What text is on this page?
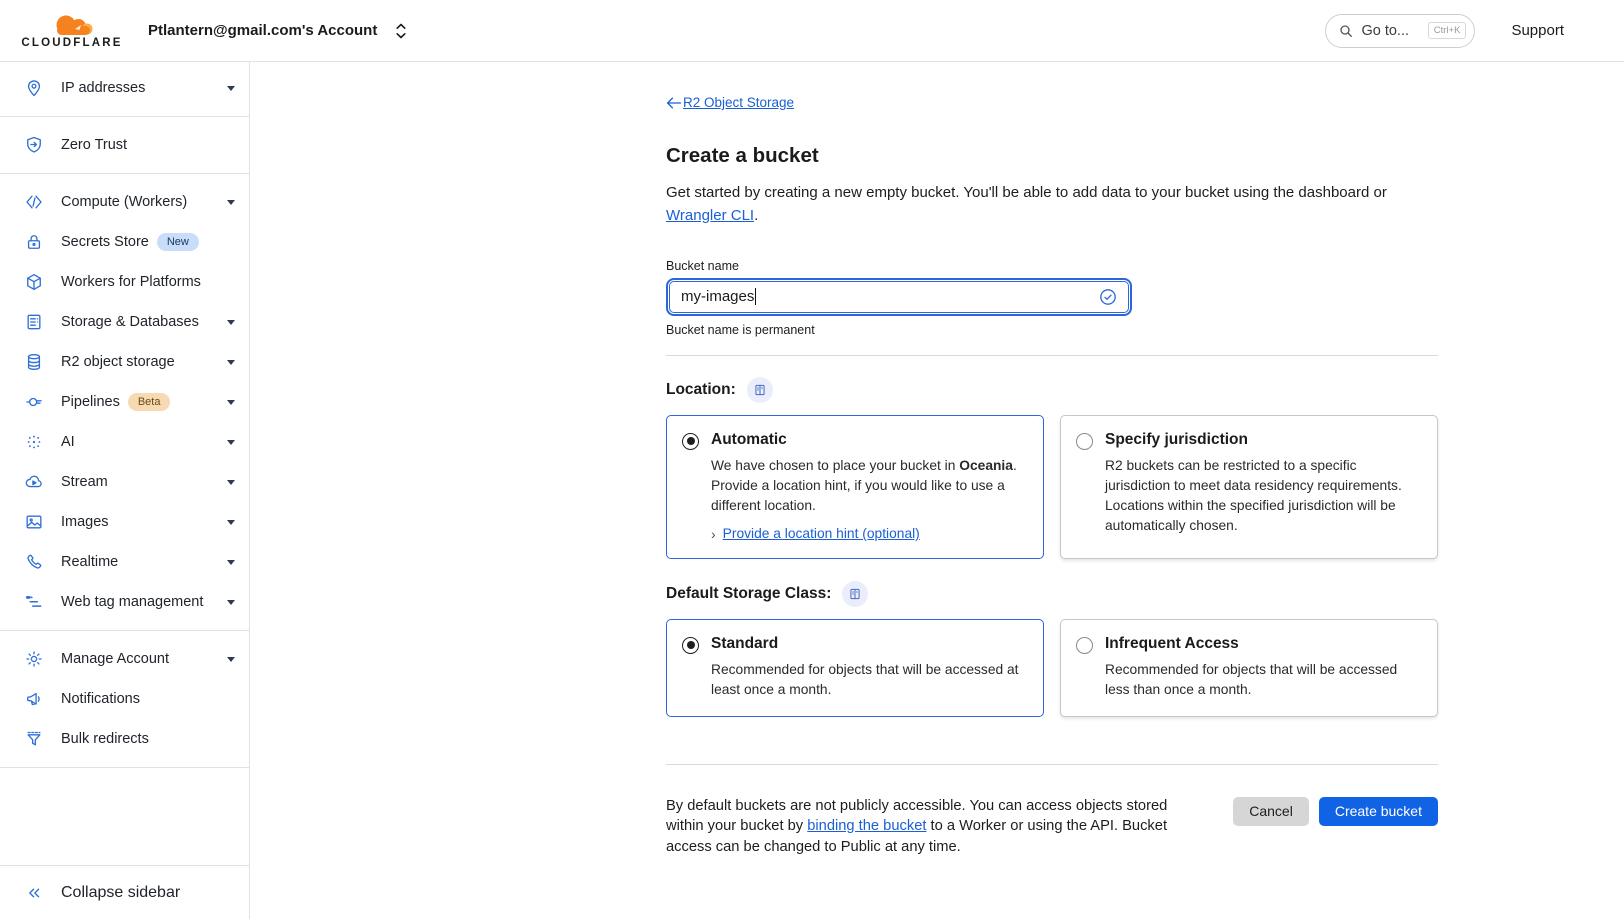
CLOUDFLARE
Ptlantern@gmail.com's Account	Go to...	Ctrl+K	Support
IP addresses
Zero Trust
Compute (Workers)
Secrets Store	New
Workers for Platforms
Storage & Databases
R2 object storage
Pipelines	Beta
AI
Stream
Images
Realtime
Web tag management
Manage Account
Notifications
Bulk redirects
Collapse sidebar
R2 Object Storage
Create a bucket

Get started by creating a new empty bucket. You'll be able to add data to your bucket using the dashboard or Wrangler CLI.

Bucket name
my-images
Bucket name is permanent
Location:
Automatic
We have chosen to place your bucket in Oceania. Provide a location hint, if you would like to use a different location.
› Provide a location hint (optional)
Specify jurisdiction
R2 buckets can be restricted to a specific jurisdiction to meet data residency requirements. Locations within the specified jurisdiction will be automatically chosen.
Default Storage Class:
Standard
Recommended for objects that will be accessed at least once a month.
Infrequent Access
Recommended for objects that will be accessed less than once a month.
By default buckets are not publicly accessible. You can access objects stored within your bucket by binding the bucket to a Worker or using the API. Bucket access can be changed to Public at any time.
Cancel	Create bucket
